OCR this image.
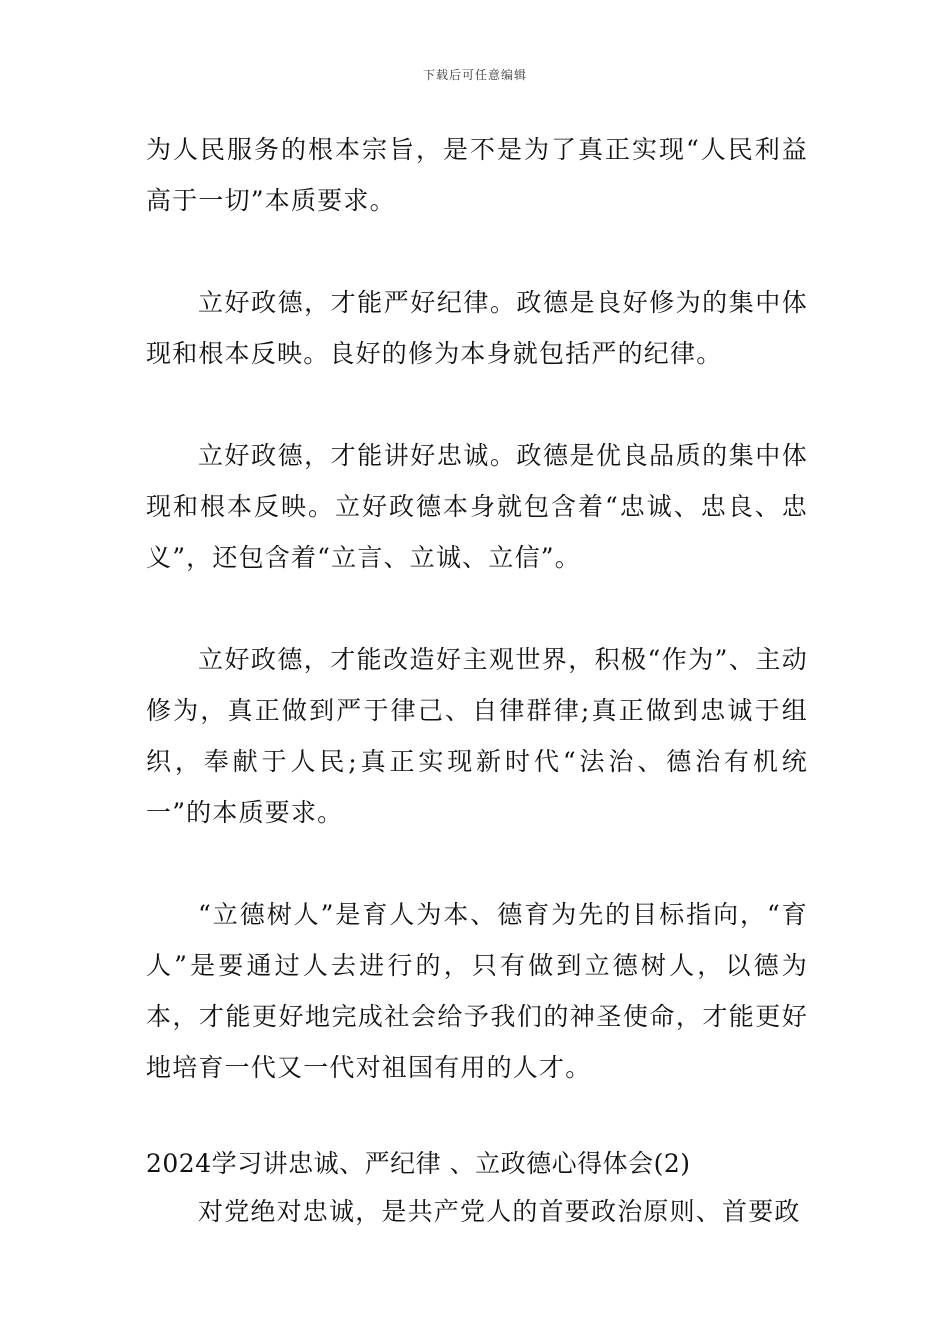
下载后可任意编辑

为人民服务的根本宗旨，是不是为了真正实现“人民利益高于一切”本质要求。

立好政德，才能严好纪律。政德是良好修为的集中体现和根本反映。良好的修为本身就包括严的纪律。

立好政德，才能讲好忠诚。政德是优良品质的集中体现和根本反映。立好政德本身就包含着“忠诚、忠良、忠义”，还包含着“立言、立诚、立信”。

立好政德，才能改造好主观世界，积极“作为”、主动修为，真正做到严于律己、自律群律;真正做到忠诚于组织，奉献于人民;真正实现新时代“法治、德治有机统一”的本质要求。

“立德树人”是育人为本、德育为先的目标指向，“育人”是要通过人去进行的，只有做到立德树人，以德为本，才能更好地完成社会给予我们的神圣使命，才能更好地培育一代又一代对祖国有用的人才。

2024学习讲忠诚、严纪律 、立政德心得体会(2)

对党绝对忠诚，是共产党人的首要政治原则、首要政
